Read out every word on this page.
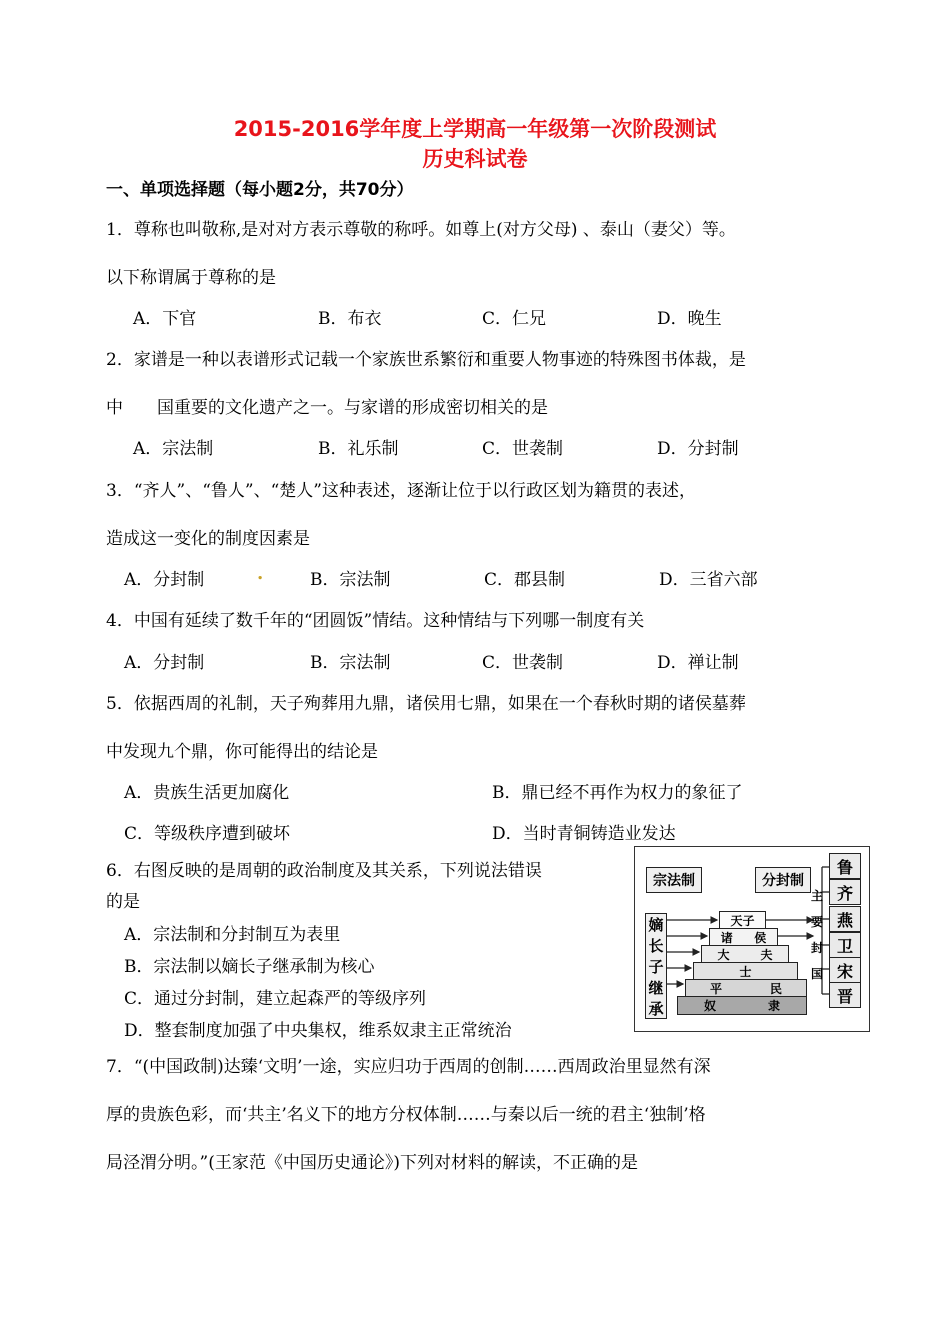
2015-2016学年度上学期高一年级第一次阶段测试
历史科试卷
一、单项选择题（每小题2分，共70分）
1．尊称也叫敬称,是对对方表示尊敬的称呼。如尊上(对方父母) 、泰山（妻父）等。
以下称谓属于尊称的是
A．下官	B．布衣	C．仁兄	D．晚生
2．家谱是一种以表谱形式记载一个家族世系繁衍和重要人物事迹的特殊图书体裁，是
中　　国重要的文化遗产之一。与家谱的形成密切相关的是
A．宗法制	B．礼乐制	C．世袭制	D．分封制
3．“齐人”、“鲁人”、“楚人”这种表述，逐渐让位于以行政区划为籍贯的表述，
造成这一变化的制度因素是
A．分封制	.	B．宗法制	C．郡县制	D．三省六部
4．中国有延续了数千年的“团圆饭”情结。这种情结与下列哪一制度有关
A．分封制	B．宗法制	C．世袭制	D．禅让制
5．依据西周的礼制，天子殉葬用九鼎，诸侯用七鼎，如果在一个春秋时期的诸侯墓葬
中发现九个鼎，你可能得出的结论是
A．贵族生活更加腐化	B．鼎已经不再作为权力的象征了
C．等级秩序遭到破坏	D．当时青铜铸造业发达
6．右图反映的是周朝的政治制度及其关系，下列说法错误
的是
A．宗法制和分封制互为表里
B．宗法制以嫡长子继承制为核心
C．通过分封制，建立起森严的等级序列
D．整套制度加强了中央集权，维系奴隶主正常统治
宗法制	分封制
嫡
长
子
继
承
主
要
封
国
天子
诸 侯
大	夫
士
平	民
奴	隶
鲁
齐
燕
卫
宋
晋
7．“(中国政制)达臻‘文明’一途，实应归功于西周的创制……西周政治里显然有深
厚的贵族色彩，而‘共主’名义下的地方分权体制……与秦以后一统的君主‘独制’格
局泾渭分明。”(王家范《中国历史通论》)下列对材料的解读，不正确的是
